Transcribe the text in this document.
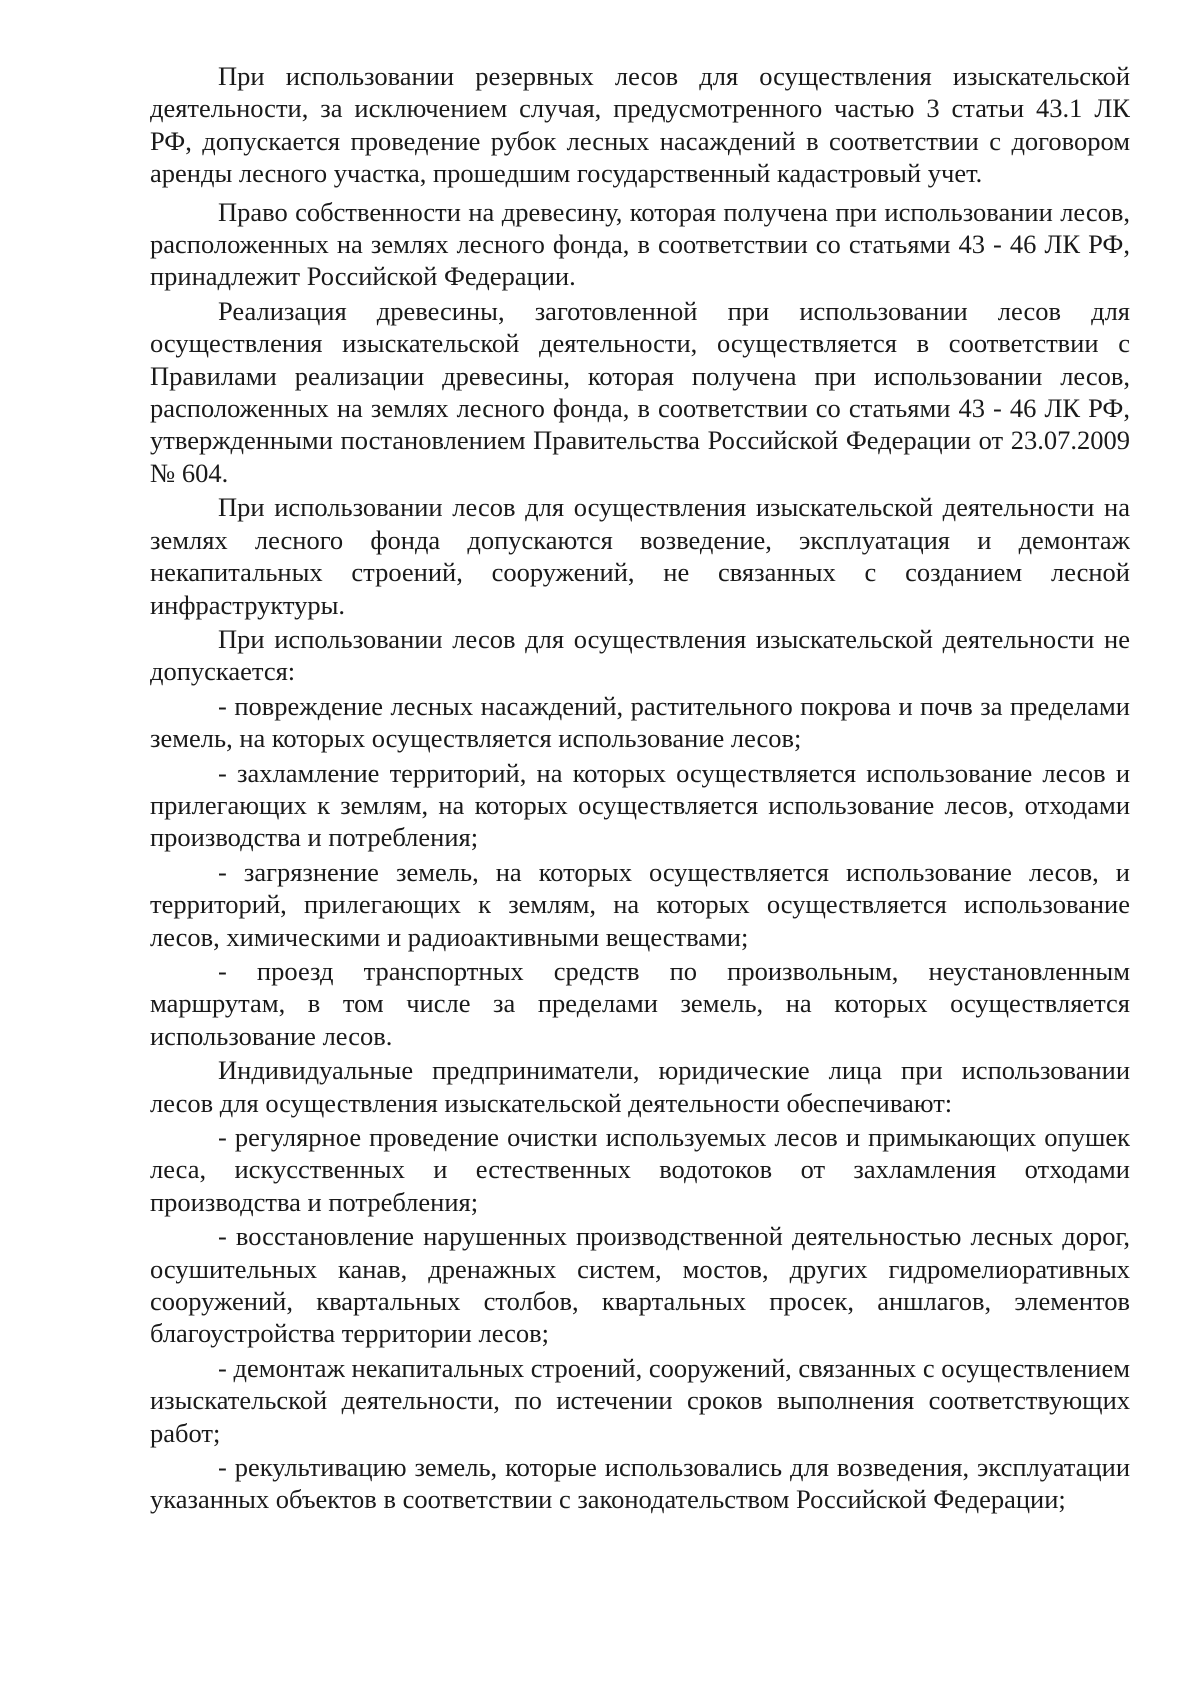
При использовании резервных лесов для осуществления изыскательской деятельности, за исключением случая, предусмотренного частью 3 статьи 43.1 ЛК РФ, допускается проведение рубок лесных насаждений в соответствии с договором аренды лесного участка, прошедшим государственный кадастровый учет.

Право собственности на древесину, которая получена при использовании лесов, расположенных на землях лесного фонда, в соответствии со статьями 43 - 46 ЛК РФ, принадлежит Российской Федерации.

Реализация древесины, заготовленной при использовании лесов для осуществления изыскательской деятельности, осуществляется в соответствии с Правилами реализации древесины, которая получена при использовании лесов, расположенных на землях лесного фонда, в соответствии со статьями 43 - 46 ЛК РФ, утвержденными постановлением Правительства Российской Федерации от 23.07.2009 № 604.

При использовании лесов для осуществления изыскательской деятельности на землях лесного фонда допускаются возведение, эксплуатация и демонтаж некапитальных строений, сооружений, не связанных с созданием лесной инфраструктуры.

При использовании лесов для осуществления изыскательской деятельности не допускается:

- повреждение лесных насаждений, растительного покрова и почв за пределами земель, на которых осуществляется использование лесов;

- захламление территорий, на которых осуществляется использование лесов и прилегающих к землям, на которых осуществляется использование лесов, отходами производства и потребления;

- загрязнение земель, на которых осуществляется использование лесов, и территорий, прилегающих к землям, на которых осуществляется использование лесов, химическими и радиоактивными веществами;

- проезд транспортных средств по произвольным, неустановленным маршрутам, в том числе за пределами земель, на которых осуществляется использование лесов.

Индивидуальные предприниматели, юридические лица при использовании лесов для осуществления изыскательской деятельности обеспечивают:

- регулярное проведение очистки используемых лесов и примыкающих опушек леса, искусственных и естественных водотоков от захламления отходами производства и потребления;

- восстановление нарушенных производственной деятельностью лесных дорог, осушительных канав, дренажных систем, мостов, других гидромелиоративных сооружений, квартальных столбов, квартальных просек, аншлагов, элементов благоустройства территории лесов;

- демонтаж некапитальных строений, сооружений, связанных с осуществлением изыскательской деятельности, по истечении сроков выполнения соответствующих работ;

- рекультивацию земель, которые использовались для возведения, эксплуатации указанных объектов в соответствии с законодательством Российской Федерации;
